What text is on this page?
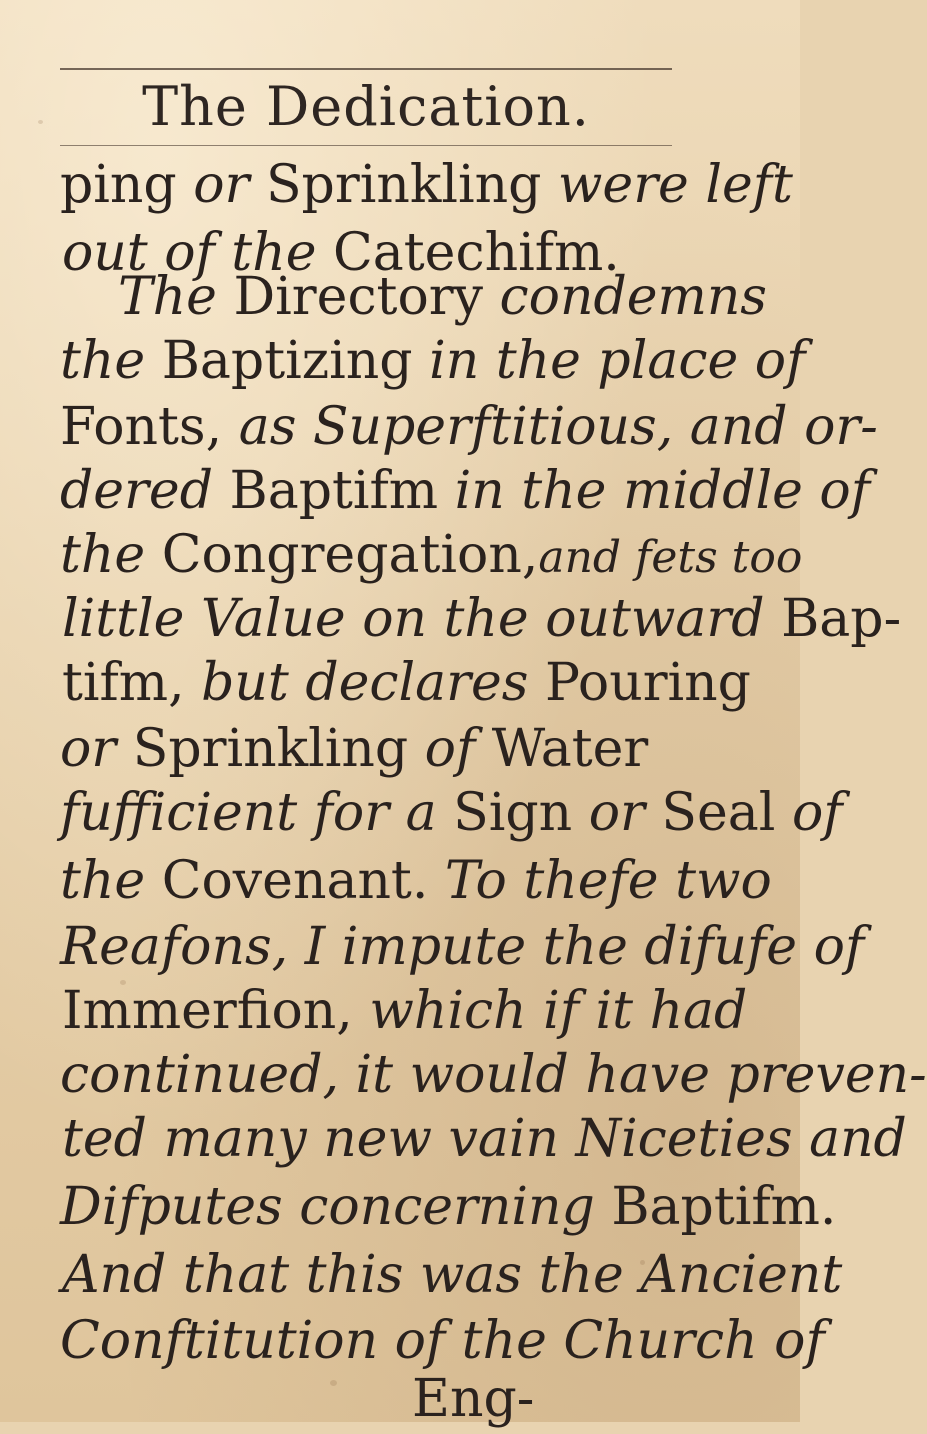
The Dedication.
ping or Sprinkling were left
out of the Catechifm.
The Directory condemns
the Baptizing in the place of
Fonts, as Superftitious, and or-
dered Baptifm in the middle of
the Congregation,and fets too
little Value on the outward Bap-
tifm, but declares Pouring
or Sprinkling of Water
fufficient for a Sign or Seal of
the Covenant. To thefe two
Reafons, I impute the difufe of
Immerfion, which if it had
continued, it would have preven-
ted many new vain Niceties and
Difputes concerning Baptifm.
And that this was the Ancient
Conftitution of the Church of
Eng-
